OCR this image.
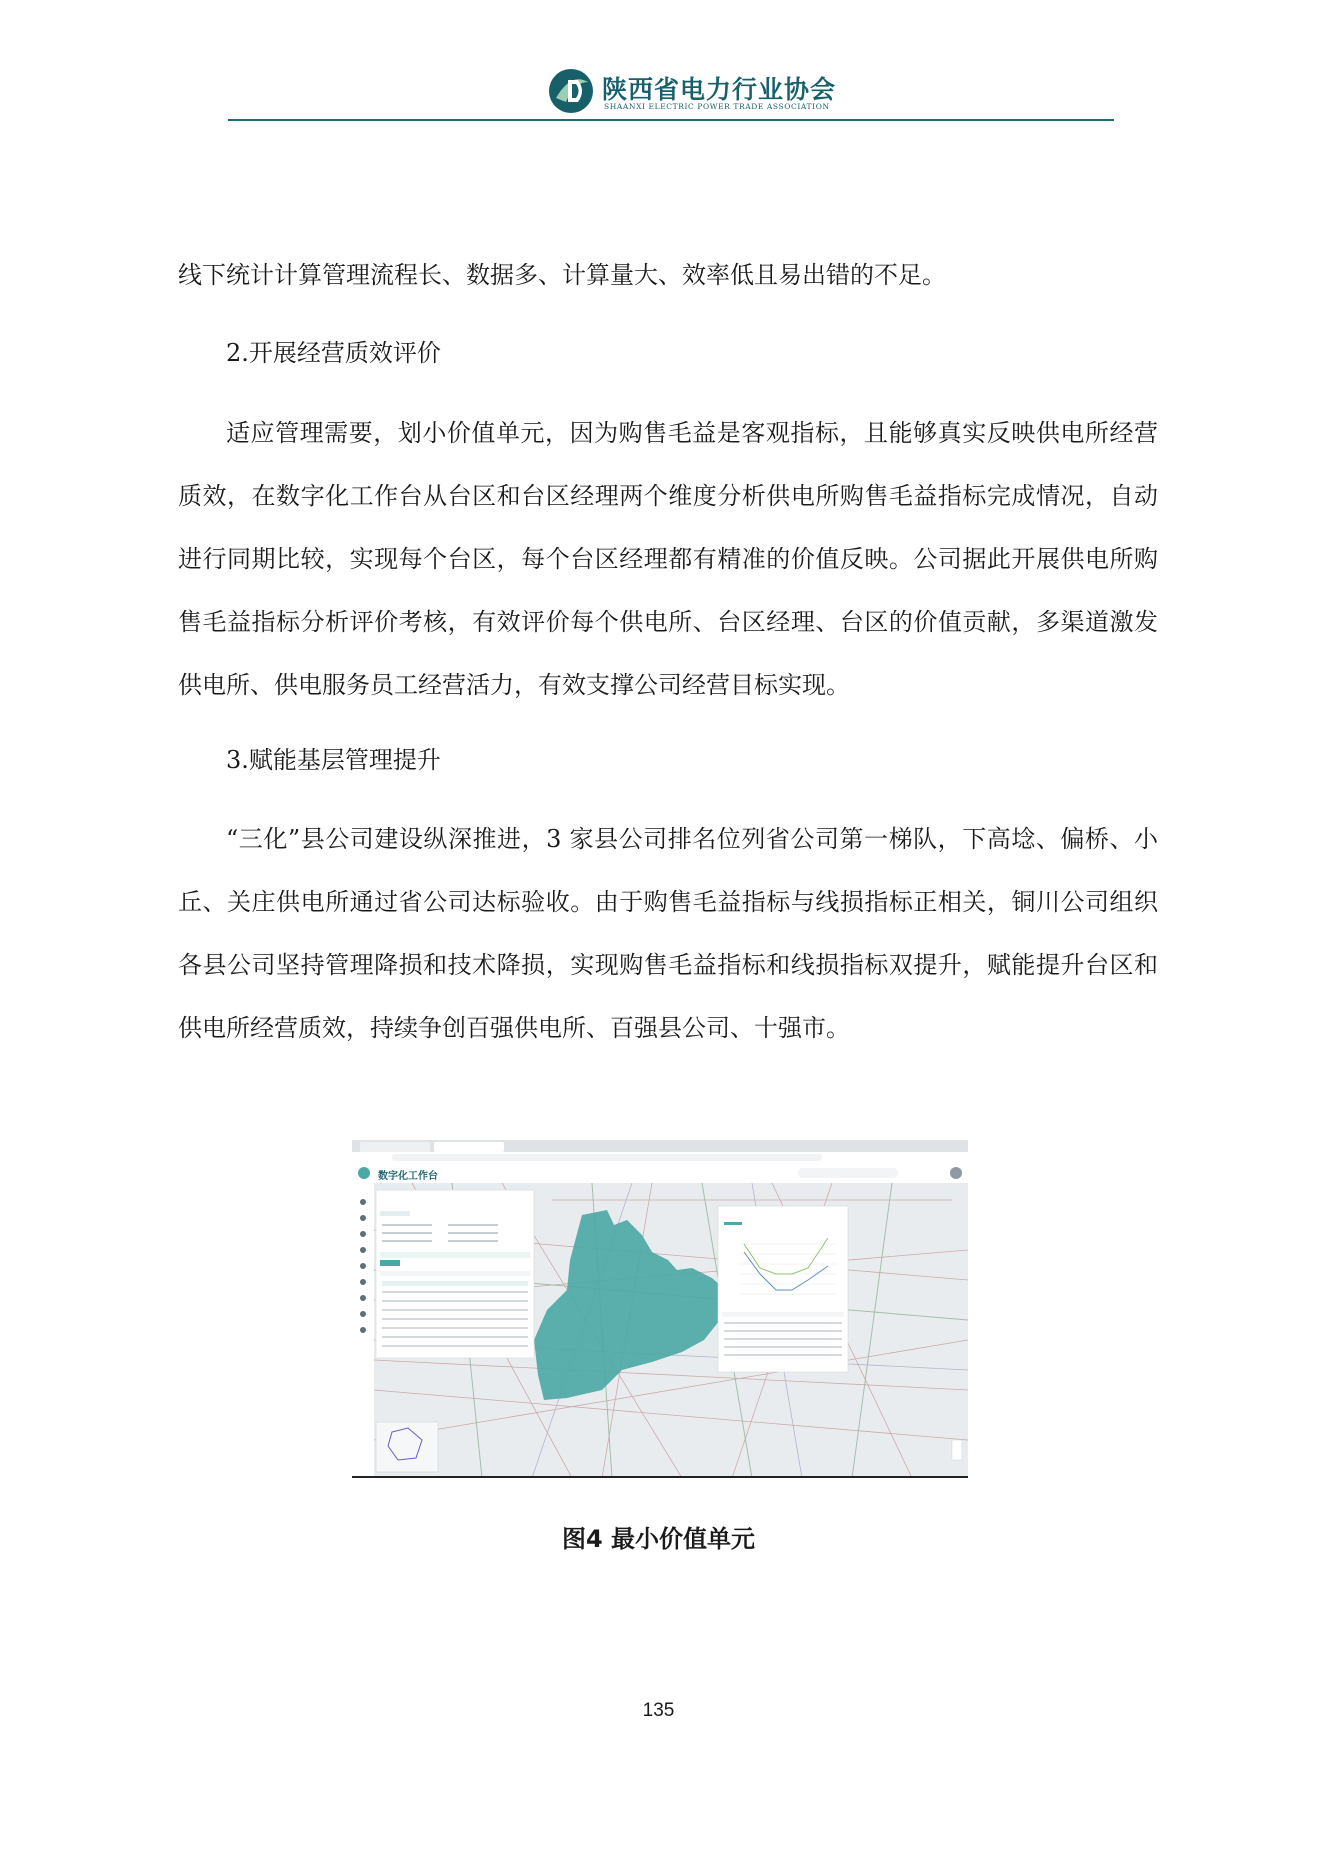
陕西省电力行业协会
SHAANXI ELECTRIC POWER TRADE ASSOCIATION
线下统计计算管理流程长、数据多、计算量大、效率低且易出错的不足。
2.开展经营质效评价
适应管理需要，划小价值单元，因为购售毛益是客观指标，且能够真实反映供电所经营质效，在数字化工作台从台区和台区经理两个维度分析供电所购售毛益指标完成情况，自动进行同期比较，实现每个台区，每个台区经理都有精准的价值反映。公司据此开展供电所购售毛益指标分析评价考核，有效评价每个供电所、台区经理、台区的价值贡献，多渠道激发供电所、供电服务员工经营活力，有效支撑公司经营目标实现。
3.赋能基层管理提升
“三化”县公司建设纵深推进，3 家县公司排名位列省公司第一梯队，下高埝、偏桥、小丘、关庄供电所通过省公司达标验收。由于购售毛益指标与线损指标正相关，铜川公司组织各县公司坚持管理降损和技术降损，实现购售毛益指标和线损指标双提升，赋能提升台区和供电所经营质效，持续争创百强供电所、百强县公司、十强市。
数字化工作台
图4 最小价值单元
135
